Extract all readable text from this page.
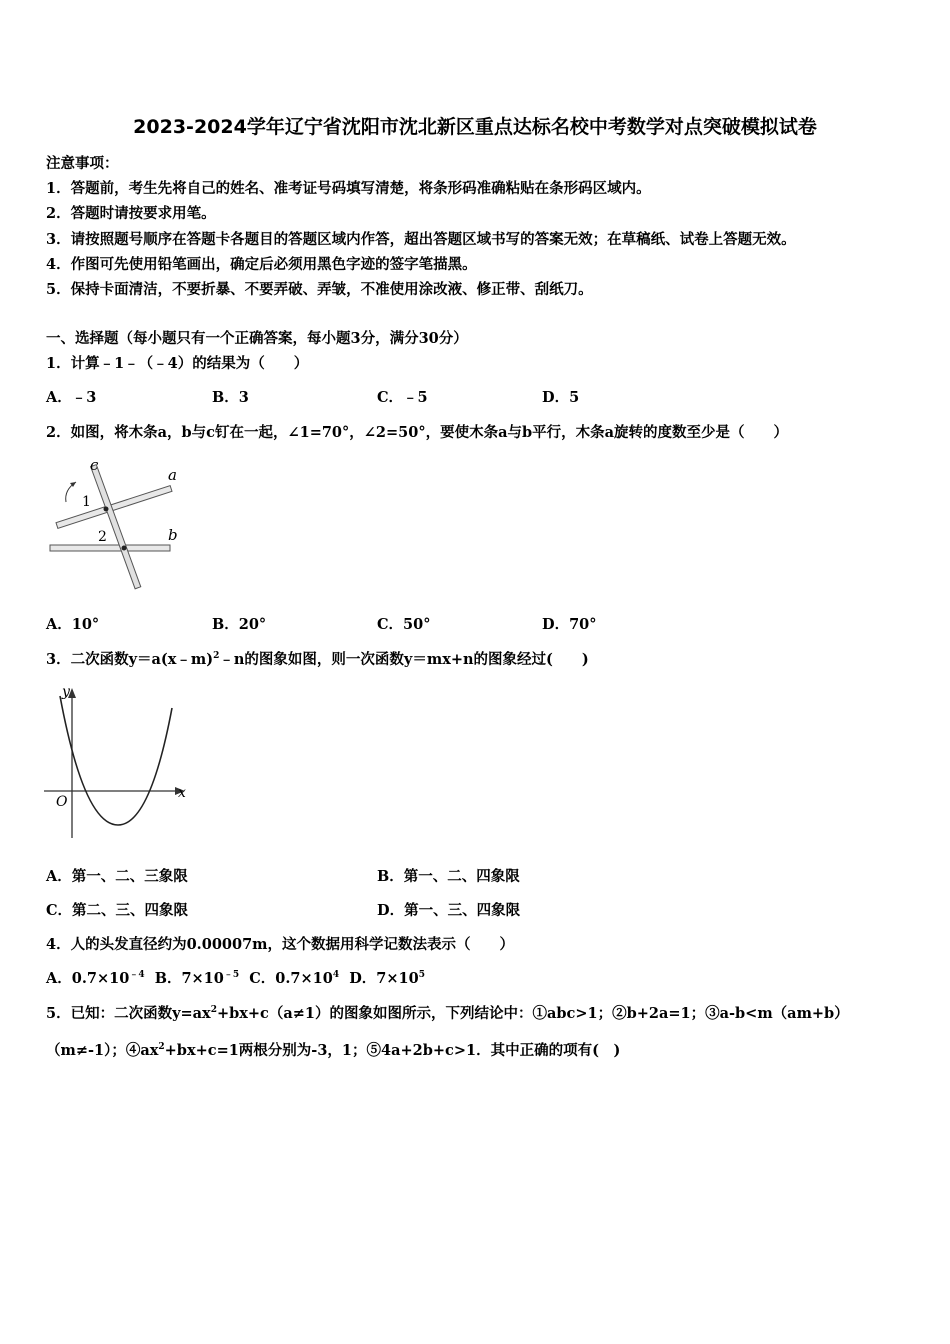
2023-2024学年辽宁省沈阳市沈北新区重点达标名校中考数学对点突破模拟试卷
注意事项：
1．答题前，考生先将自己的姓名、准考证号码填写清楚，将条形码准确粘贴在条形码区域内。
2．答题时请按要求用笔。
3．请按照题号顺序在答题卡各题目的答题区域内作答，超出答题区域书写的答案无效；在草稿纸、试卷上答题无效。
4．作图可先使用铅笔画出，确定后必须用黑色字迹的签字笔描黑。
5．保持卡面清洁，不要折暴、不要弄破、弄皱，不准使用涂改液、修正带、刮纸刀。
一、选择题（每小题只有一个正确答案，每小题3分，满分30分）
1．计算﹣1﹣（﹣4）的结果为（　　）
A．﹣3	B．3	C．﹣5	D．5
2．如图，将木条a，b与c钉在一起，∠1=70°，∠2=50°，要使木条a与b平行，木条a旋转的度数至少是（　　）
c
a
b
1
2
A．10°	B．20°	C．50°	D．70°
3．二次函数y＝a(x﹣m)$^2$﹣n的图象如图，则一次函数y＝mx+n的图象经过(　　)
y
x
O
A．第一、二、三象限	B．第一、二、四象限
C．第二、三、四象限	D．第一、三、四象限
4．人的头发直径约为0.00007m，这个数据用科学记数法表示（　　）
A．$0.7\times 10^{﹣4}$ B．$7\times 10^{﹣5}$ C．$0.7\times 10^4$ D．$7\times 10^5$
5．已知：二次函数$y=ax^2+bx+c(a\ne 1)$的图象如图所示，下列结论中：①abc>1；②b+2a=1；③a-b<m（am+b）
（m≠-1）；$④ax^2+bx+c=1$两根分别为-3，1；⑤4a+2b+c>1．其中正确的项有(　)
